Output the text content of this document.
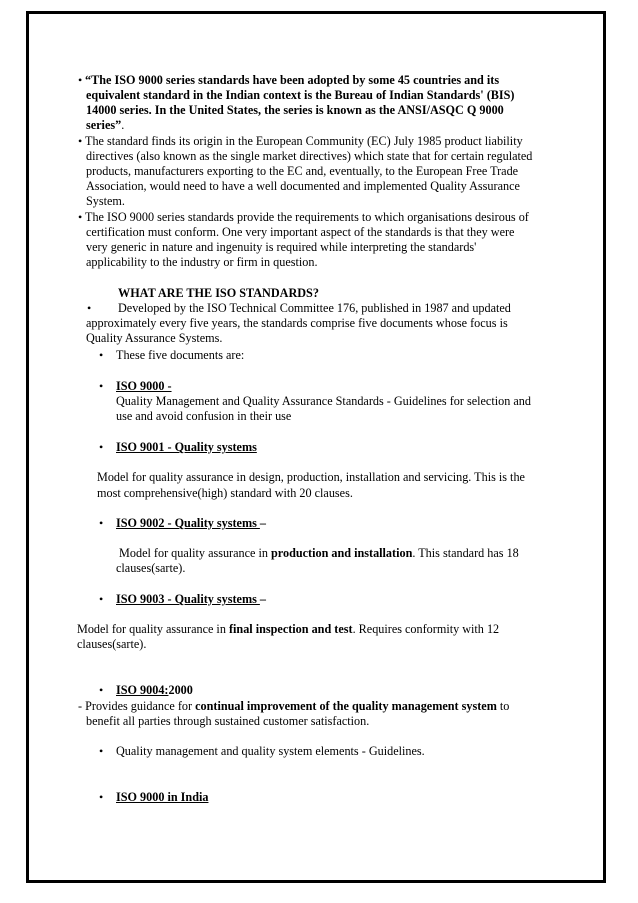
• “The ISO 9000 series standards have been adopted by some 45 countries and its
equivalent standard in the Indian context is the Bureau of Indian Standards' (BIS)
14000 series. In the United States, the series is known as the ANSI/ASQC Q 9000
series”.
• The standard finds its origin in the European Community (EC) July 1985 product liability
directives (also known as the single market directives) which state that for certain regulated
products, manufacturers exporting to the EC and, eventually, to the European Free Trade
Association, would need to have a well documented and implemented Quality Assurance
System.
• The ISO 9000 series standards provide the requirements to which organisations desirous of
certification must conform. One very important aspect of the standards is that they were
very generic in nature and ingenuity is required while interpreting the standards'
applicability to the industry or firm in question.
WHAT ARE THE ISO STANDARDS?
• Developed by the ISO Technical Committee 176, published in 1987 and updated
approximately every five years, the standards comprise five documents whose focus is
Quality Assurance Systems.
• These five documents are:
• ISO 9000 -
Quality Management and Quality Assurance Standards - Guidelines for selection and
use and avoid confusion in their use
• ISO 9001 - Quality systems
Model for quality assurance in design, production, installation and servicing. This is the
most comprehensive(high) standard with 20 clauses.
• ISO 9002 - Quality systems –
Model for quality assurance in production and installation. This standard has 18
clauses(sarte).
• ISO 9003 - Quality systems –
Model for quality assurance in final inspection and test. Requires conformity with 12
clauses(sarte).
• ISO 9004:2000
- Provides guidance for continual improvement of the quality management system to
benefit all parties through sustained customer satisfaction.
• Quality management and quality system elements - Guidelines.
• ISO 9000 in India
